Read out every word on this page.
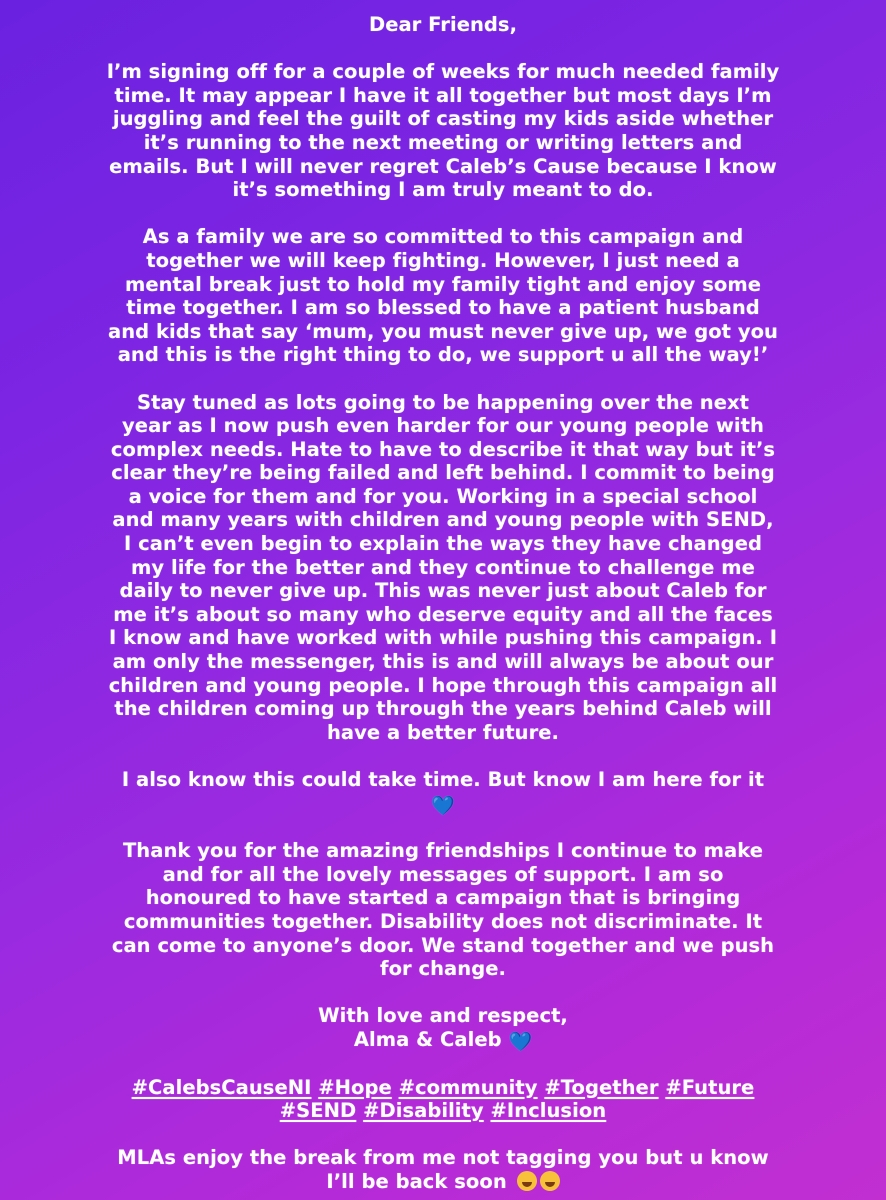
Dear Friends,
I’m signing off for a couple of weeks for much needed family
time. It may appear I have it all together but most days I’m
juggling and feel the guilt of casting my kids aside whether
it’s running to the next meeting or writing letters and
emails. But I will never regret Caleb’s Cause because I know
it’s something I am truly meant to do.
As a family we are so committed to this campaign and
together we will keep fighting. However, I just need a
mental break just to hold my family tight and enjoy some
time together. I am so blessed to have a patient husband
and kids that say ‘mum, you must never give up, we got you
and this is the right thing to do, we support u all the way!’
Stay tuned as lots going to be happening over the next
year as I now push even harder for our young people with
complex needs. Hate to have to describe it that way but it’s
clear they’re being failed and left behind. I commit to being
a voice for them and for you. Working in a special school
and many years with children and young people with SEND,
I can’t even begin to explain the ways they have changed
my life for the better and they continue to challenge me
daily to never give up. This was never just about Caleb for
me it’s about so many who deserve equity and all the faces
I know and have worked with while pushing this campaign. I
am only the messenger, this is and will always be about our
children and young people. I hope through this campaign all
the children coming up through the years behind Caleb will
have a better future.
I also know this could take time. But know I am here for it
💙
Thank you for the amazing friendships I continue to make
and for all the lovely messages of support. I am so
honoured to have started a campaign that is bringing
communities together. Disability does not discriminate. It
can come to anyone’s door. We stand together and we push
for change.
With love and respect,
Alma & Caleb 💙
#CalebsCauseNI #Hope #community #Together #Future
#SEND #Disability #Inclusion
MLAs enjoy the break from me not tagging you but u know
I’ll be back soon
